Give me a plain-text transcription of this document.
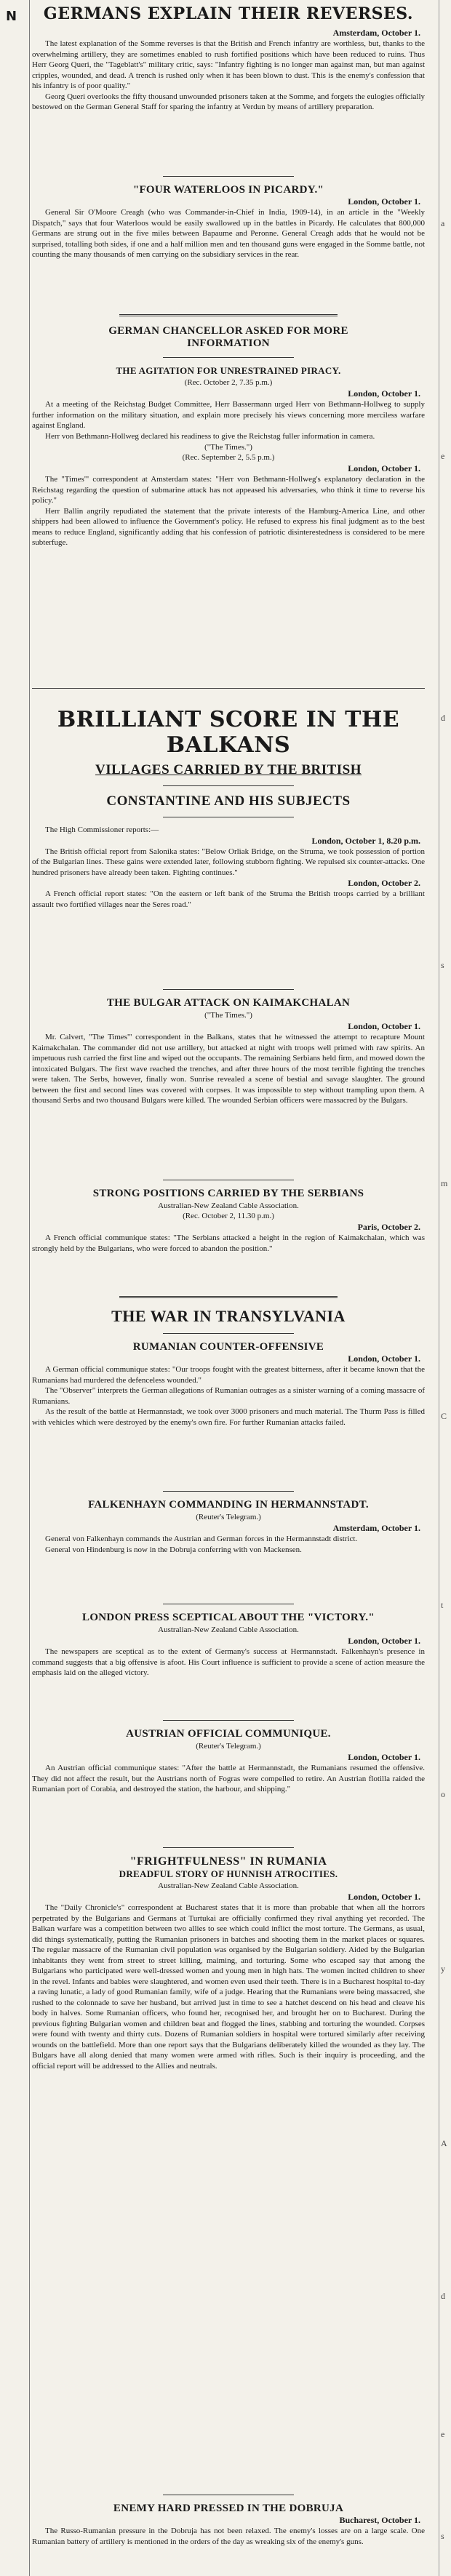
N
a
e
d
s
m
C
t
o
y
A
d
e
s
GERMANS EXPLAIN THEIR REVERSES.
Amsterdam, October 1.

The latest explanation of the Somme reverses is that the British and French infantry are worthless, but, thanks to the overwhelming artillery, they are sometimes enabled to rush fortified positions which have been reduced to ruins. Thus Herr Georg Queri, the "Tageblatt's" military critic, says: "Infantry fighting is no longer man against man, but man against cripples, wounded, and dead. A trench is rushed only when it has been blown to dust. This is the enemy's confession that his infantry is of poor quality."

Georg Queri overlooks the fifty thousand unwounded prisoners taken at the Somme, and forgets the eulogies officially bestowed on the German General Staff for sparing the infantry at Verdun by means of artillery preparation.

"FOUR WATERLOOS IN PICARDY."
London, October 1.

General Sir O'Moore Creagh (who was Commander-in-Chief in India, 1909-14), in an article in the "Weekly Dispatch," says that four Waterloos would be easily swallowed up in the battles in Picardy. He calculates that 800,000 Germans are strung out in the five miles between Bapaume and Peronne. General Creagh adds that he would not be surprised, totalling both sides, if one and a half million men and ten thousand guns were engaged in the Somme battle, not counting the many thousands of men carrying on the subsidiary services in the rear.

GERMAN CHANCELLOR ASKED FOR MORE
INFORMATION
THE AGITATION FOR UNRESTRAINED PIRACY.
(Rec. October 2, 7.35 p.m.)
London, October 1.

At a meeting of the Reichstag Budget Committee, Herr Bassermann urged Herr von Bethmann-Hollweg to supply further information on the military situation, and explain more precisely his views concerning more merciless warfare against England.

Herr von Bethmann-Hollweg declared his readiness to give the Reichstag fuller information in camera.

("The Times.")
(Rec. September 2, 5.5 p.m.)
London, October 1.

The "Times'" correspondent at Amsterdam states: "Herr von Bethmann-Hollweg's explanatory declaration in the Reichstag regarding the question of submarine attack has not appeased his adversaries, who think it time to reverse his policy."

Herr Ballin angrily repudiated the statement that the private interests of the Hamburg-America Line, and other shippers had been allowed to influence the Government's policy. He refused to express his final judgment as to the best means to reduce England, significantly adding that his confession of patriotic disinterestedness is considered to be mere subterfuge.

BRILLIANT SCORE IN THE BALKANS
VILLAGES CARRIED BY THE BRITISH
CONSTANTINE AND HIS SUBJECTS

The High Commissioner reports:—

London, October 1, 8.20 p.m.

The British official report from Salonika states: "Below Orliak Bridge, on the Struma, we took possession of portion of the Bulgarian lines. These gains were extended later, following stubborn fighting. We repulsed six counter-attacks. One hundred prisoners have already been taken. Fighting continues."

London, October 2.

A French official report states: "On the eastern or left bank of the Struma the British troops carried by a brilliant assault two fortified villages near the Seres road."

THE BULGAR ATTACK ON KAIMAKCHALAN
("The Times.")
London, October 1.

Mr. Calvert, "The Times'" correspondent in the Balkans, states that he witnessed the attempt to recapture Mount Kaimakchalan. The commander did not use artillery, but attacked at night with troops well primed with raw spirits. An impetuous rush carried the first line and wiped out the occupants. The remaining Serbians held firm, and mowed down the intoxicated Bulgars. The first wave reached the trenches, and after three hours of the most terrible fighting the trenches were taken. The Serbs, however, finally won. Sunrise revealed a scene of bestial and savage slaughter. The ground between the first and second lines was covered with corpses. It was impossible to step without trampling upon them. A thousand Serbs and two thousand Bulgars were killed. The wounded Serbian officers were massacred by the Bulgars.

STRONG POSITIONS CARRIED BY THE SERBIANS
Australian-New Zealand Cable Association.
(Rec. October 2, 11.30 p.m.)
Paris, October 2.

A French official communique states: "The Serbians attacked a height in the region of Kaimakchalan, which was strongly held by the Bulgarians, who were forced to abandon the position."

THE WAR IN TRANSYLVANIA
RUMANIAN COUNTER-OFFENSIVE
London, October 1.

A German official communique states: "Our troops fought with the greatest bitterness, after it became known that the Rumanians had murdered the defenceless wounded."

The "Observer" interprets the German allegations of Rumanian outrages as a sinister warning of a coming massacre of Rumanians.

As the result of the battle at Hermannstadt, we took over 3000 prisoners and much material. The Thurm Pass is filled with vehicles which were destroyed by the enemy's own fire. For further Rumanian attacks failed.

FALKENHAYN COMMANDING IN HERMANNSTADT.
(Reuter's Telegram.)
Amsterdam, October 1.

General von Falkenhayn commands the Austrian and German forces in the Hermannstadt district.

General von Hindenburg is now in the Dobruja conferring with von Mackensen.

LONDON PRESS SCEPTICAL ABOUT THE "VICTORY."
Australian-New Zealand Cable Association.
London, October 1.

The newspapers are sceptical as to the extent of Germany's success at Hermannstadt. Falkenhayn's presence in command suggests that a big offensive is afoot. His Court influence is sufficient to provide a scene of action measure the emphasis laid on the alleged victory.

AUSTRIAN OFFICIAL COMMUNIQUE.
(Reuter's Telegram.)
London, October 1.

An Austrian official communique states: "After the battle at Hermannstadt, the Rumanians resumed the offensive. They did not affect the result, but the Austrians north of Fogras were compelled to retire. An Austrian flotilla raided the Rumanian port of Corabia, and destroyed the station, the harbour, and shipping."

"FRIGHTFULNESS" IN RUMANIA
DREADFUL STORY OF HUNNISH ATROCITIES.
Australian-New Zealand Cable Association.
London, October 1.

The "Daily Chronicle's" correspondent at Bucharest states that it is more than probable that when all the horrors perpetrated by the Bulgarians and Germans at Turtukai are officially confirmed they rival anything yet recorded. The Balkan warfare was a competition between two allies to see which could inflict the most torture. The Germans, as usual, did things systematically, putting the Rumanian prisoners in batches and shooting them in the market places or squares. The regular massacre of the Rumanian civil population was organised by the Bulgarian soldiery. Aided by the Bulgarian inhabitants they went from street to street killing, maiming, and torturing. Some who escaped say that among the Bulgarians who participated were well-dressed women and young men in high hats. The women incited children to sheer in the revel. Infants and babies were slaughtered, and women even used their teeth. There is in a Bucharest hospital to-day a raving lunatic, a lady of good Rumanian family, wife of a judge. Hearing that the Rumanians were being massacred, she rushed to the colonnade to save her husband, but arrived just in time to see a hatchet descend on his head and cleave his body in halves. Some Rumanian officers, who found her, recognised her, and brought her on to Bucharest. During the previous fighting Bulgarian women and children beat and flogged the lines, stabbing and torturing the wounded. Corpses were found with twenty and thirty cuts. Dozens of Rumanian soldiers in hospital were tortured similarly after receiving wounds on the battlefield. More than one report says that the Bulgarians deliberately killed the wounded as they lay. The Bulgars have all along denied that many women were armed with rifles. Such is their inquiry is proceeding, and the official report will be addressed to the Allies and neutrals.

ENEMY HARD PRESSED IN THE DOBRUJA
Bucharest, October 1.

The Russo-Rumanian pressure in the Dobruja has not been relaxed. The enemy's losses are on a large scale. One Rumanian battery of artillery is mentioned in the orders of the day as wreaking six of the enemy's guns.
